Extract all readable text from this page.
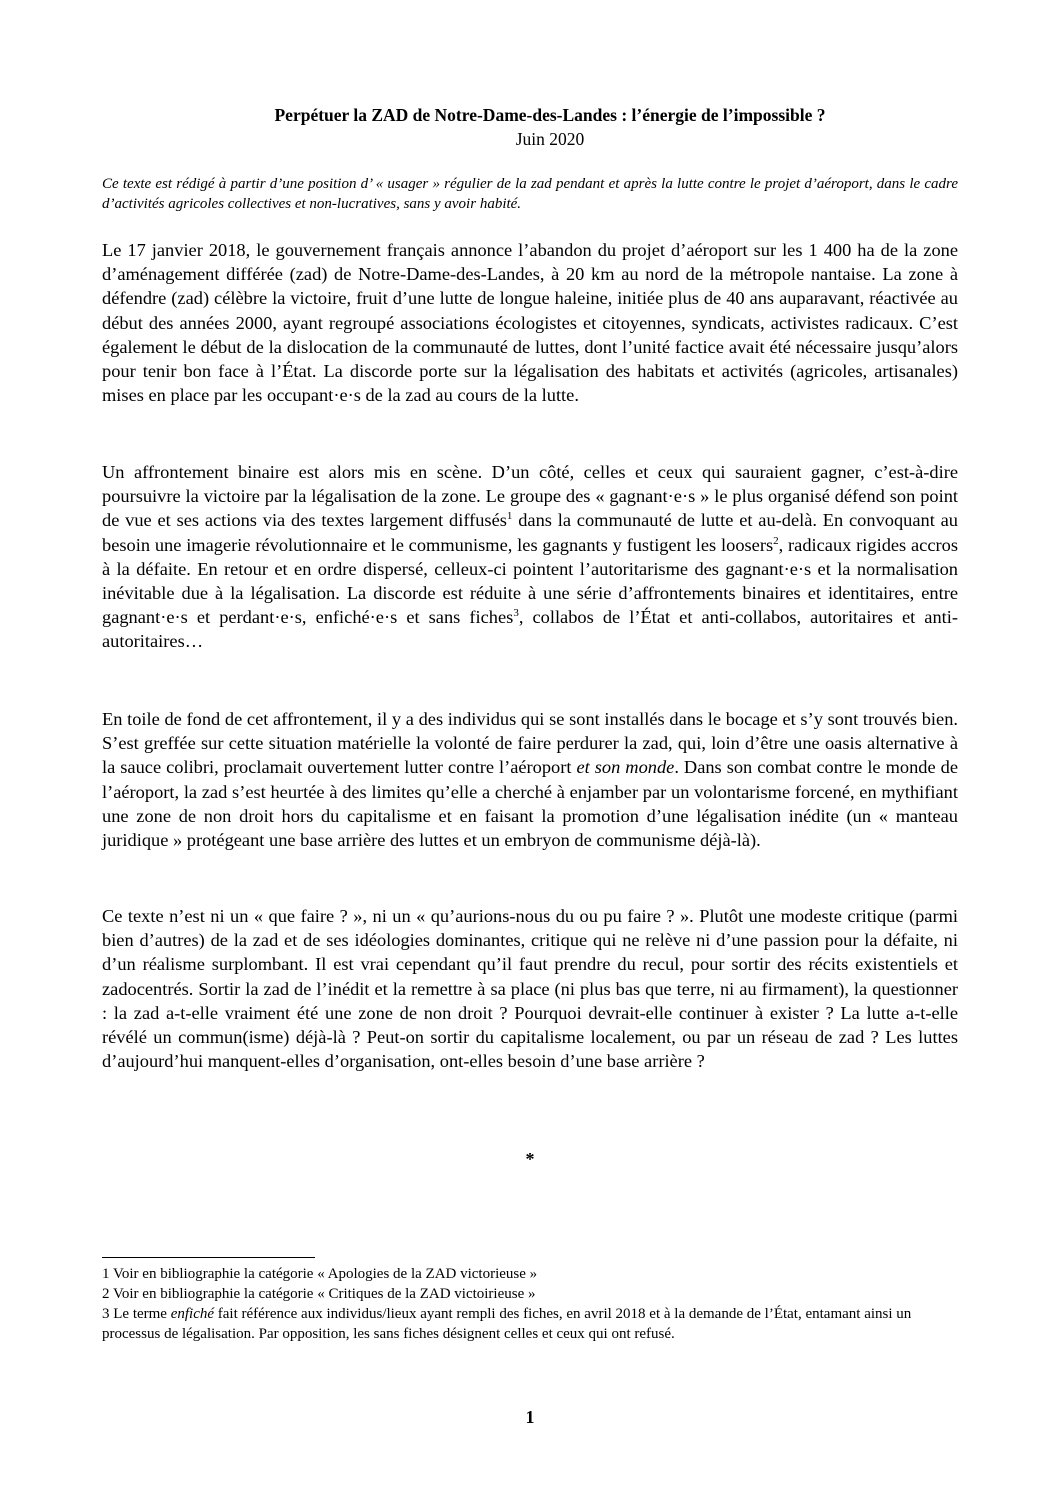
Perpétuer la ZAD de Notre-Dame-des-Landes : l’énergie de l’impossible ?
Juin 2020
Ce texte est rédigé à partir d’une position d’ « usager » régulier de la zad pendant et après la lutte contre le projet d’aéroport, dans le cadre d’activités agricoles collectives et non-lucratives, sans y avoir habité.
Le 17 janvier 2018, le gouvernement français annonce l’abandon du projet d’aéroport sur les 1 400 ha de la zone d’aménagement différée (zad) de Notre-Dame-des-Landes, à 20 km au nord de la métropole nantaise. La zone à défendre (zad) célèbre la victoire, fruit d’une lutte de longue haleine, initiée plus de 40 ans auparavant, réactivée au début des années 2000, ayant regroupé associations écologistes et citoyennes, syndicats, activistes radicaux. C’est également le début de la dislocation de la communauté de luttes, dont l’unité factice avait été nécessaire jusqu’alors pour tenir bon face à l’État. La discorde porte sur la légalisation des habitats et activités (agricoles, artisanales) mises en place par les occupant·e·s de la zad au cours de la lutte.
Un affrontement binaire est alors mis en scène. D’un côté, celles et ceux qui sauraient gagner, c’est-à-dire poursuivre la victoire par la légalisation de la zone. Le groupe des « gagnant·e·s » le plus organisé défend son point de vue et ses actions via des textes largement diffusés$^1$ dans la communauté de lutte et au-delà. En convoquant au besoin une imagerie révolutionnaire et le communisme, les gagnants y fustigent les loosers$^2$, radicaux rigides accros à la défaite. En retour et en ordre dispersé, celleux-ci pointent l’autoritarisme des gagnant·e·s et la normalisation inévitable due à la légalisation. La discorde est réduite à une série d’affrontements binaires et identitaires, entre gagnant·e·s et perdant·e·s, enfiché·e·s et sans fiches$^3$, collabos de l’État et anti-collabos, autoritaires et anti-autoritaires…
En toile de fond de cet affrontement, il y a des individus qui se sont installés dans le bocage et s’y sont trouvés bien. S’est greffée sur cette situation matérielle la volonté de faire perdurer la zad, qui, loin d’être une oasis alternative à la sauce colibri, proclamait ouvertement lutter contre l’aéroport et son monde. Dans son combat contre le monde de l’aéroport, la zad s’est heurtée à des limites qu’elle a cherché à enjamber par un volontarisme forcené, en mythifiant une zone de non droit hors du capitalisme et en faisant la promotion d’une légalisation inédite (un « manteau juridique » protégeant une base arrière des luttes et un embryon de communisme déjà-là).
Ce texte n’est ni un « que faire ? », ni un « qu’aurions-nous du ou pu faire ? ». Plutôt une modeste critique (parmi bien d’autres) de la zad et de ses idéologies dominantes, critique qui ne relève ni d’une passion pour la défaite, ni d’un réalisme surplombant. Il est vrai cependant qu’il faut prendre du recul, pour sortir des récits existentiels et zadocentrés. Sortir la zad de l’inédit et la remettre à sa place (ni plus bas que terre, ni au firmament), la questionner : la zad a-t-elle vraiment été une zone de non droit ? Pourquoi devrait-elle continuer à exister ? La lutte a-t-elle révélé un commun(isme) déjà-là ? Peut-on sortir du capitalisme localement, ou par un réseau de zad ? Les luttes d’aujourd’hui manquent-elles d’organisation, ont-elles besoin d’une base arrière ?
*
1 Voir en bibliographie la catégorie « Apologies de la ZAD victorieuse »
2 Voir en bibliographie la catégorie « Critiques de la ZAD victoirieuse »
3 Le terme enfiché fait référence aux individus/lieux ayant rempli des fiches, en avril 2018 et à la demande de l’État, entamant ainsi un processus de légalisation. Par opposition, les sans fiches désignent celles et ceux qui ont refusé.
1
